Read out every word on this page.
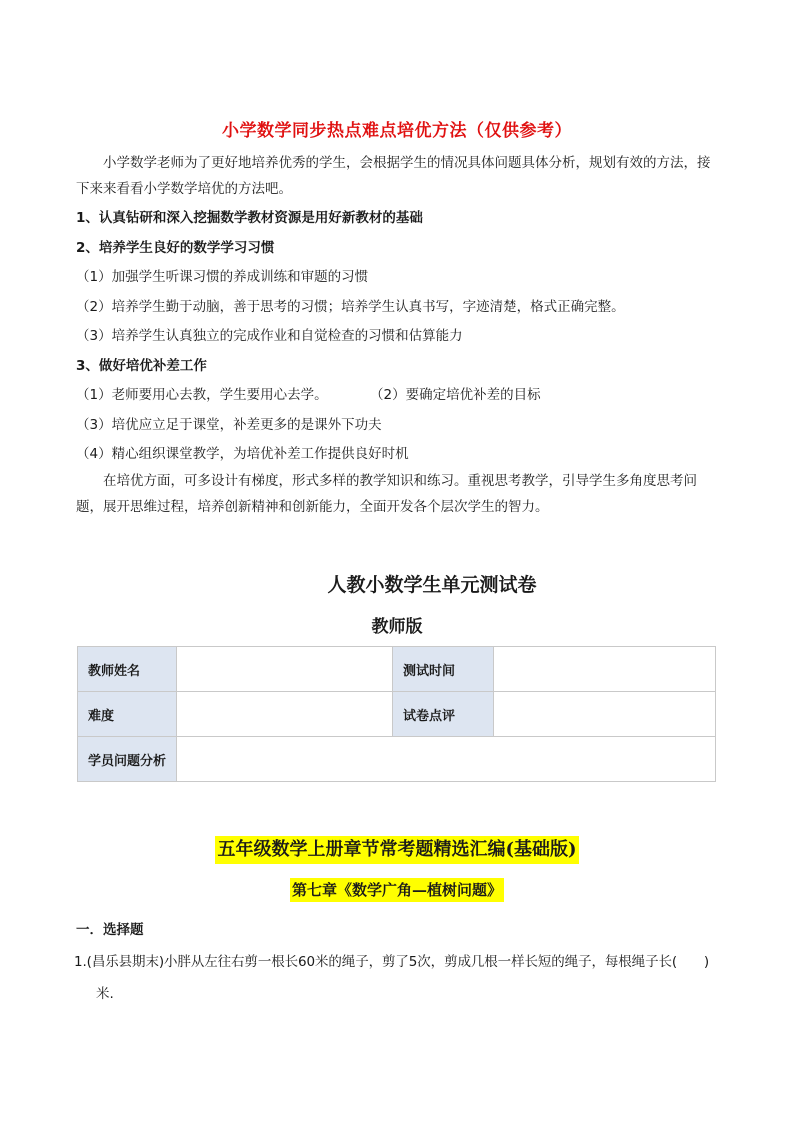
小学数学同步热点难点培优方法（仅供参考）

小学数学老师为了更好地培养优秀的学生，会根据学生的情况具体问题具体分析，规划有效的方法，接下来来看看小学数学培优的方法吧。

1、认真钻研和深入挖掘数学教材资源是用好新教材的基础
2、培养学生良好的数学学习习惯
（1）加强学生听课习惯的养成训练和审题的习惯
（2）培养学生勤于动脑，善于思考的习惯；培养学生认真书写，字迹清楚，格式正确完整。
（3）培养学生认真独立的完成作业和自觉检查的习惯和估算能力
3、做好培优补差工作
（1）老师要用心去教，学生要用心去学。	（2）要确定培优补差的目标
（3）培优应立足于课堂，补差更多的是课外下功夫
（4）精心组织课堂教学，为培优补差工作提供良好时机

在培优方面，可多设计有梯度，形式多样的教学知识和练习。重视思考教学，引导学生多角度思考问题，展开思维过程，培养创新精神和创新能力，全面开发各个层次学生的智力。

人教小数学生单元测试卷
教师版
教师姓名		测试时间	
难度		试卷点评	
学员问题分析			
五年级数学上册章节常考题精选汇编(基础版)
第七章《数学广角—植树问题》
一．选择题
1.(昌乐县期末)小胖从左往右剪一根长60米的绳子，剪了5次，剪成几根一样长短的绳子，每根绳子长(　　)
米.
